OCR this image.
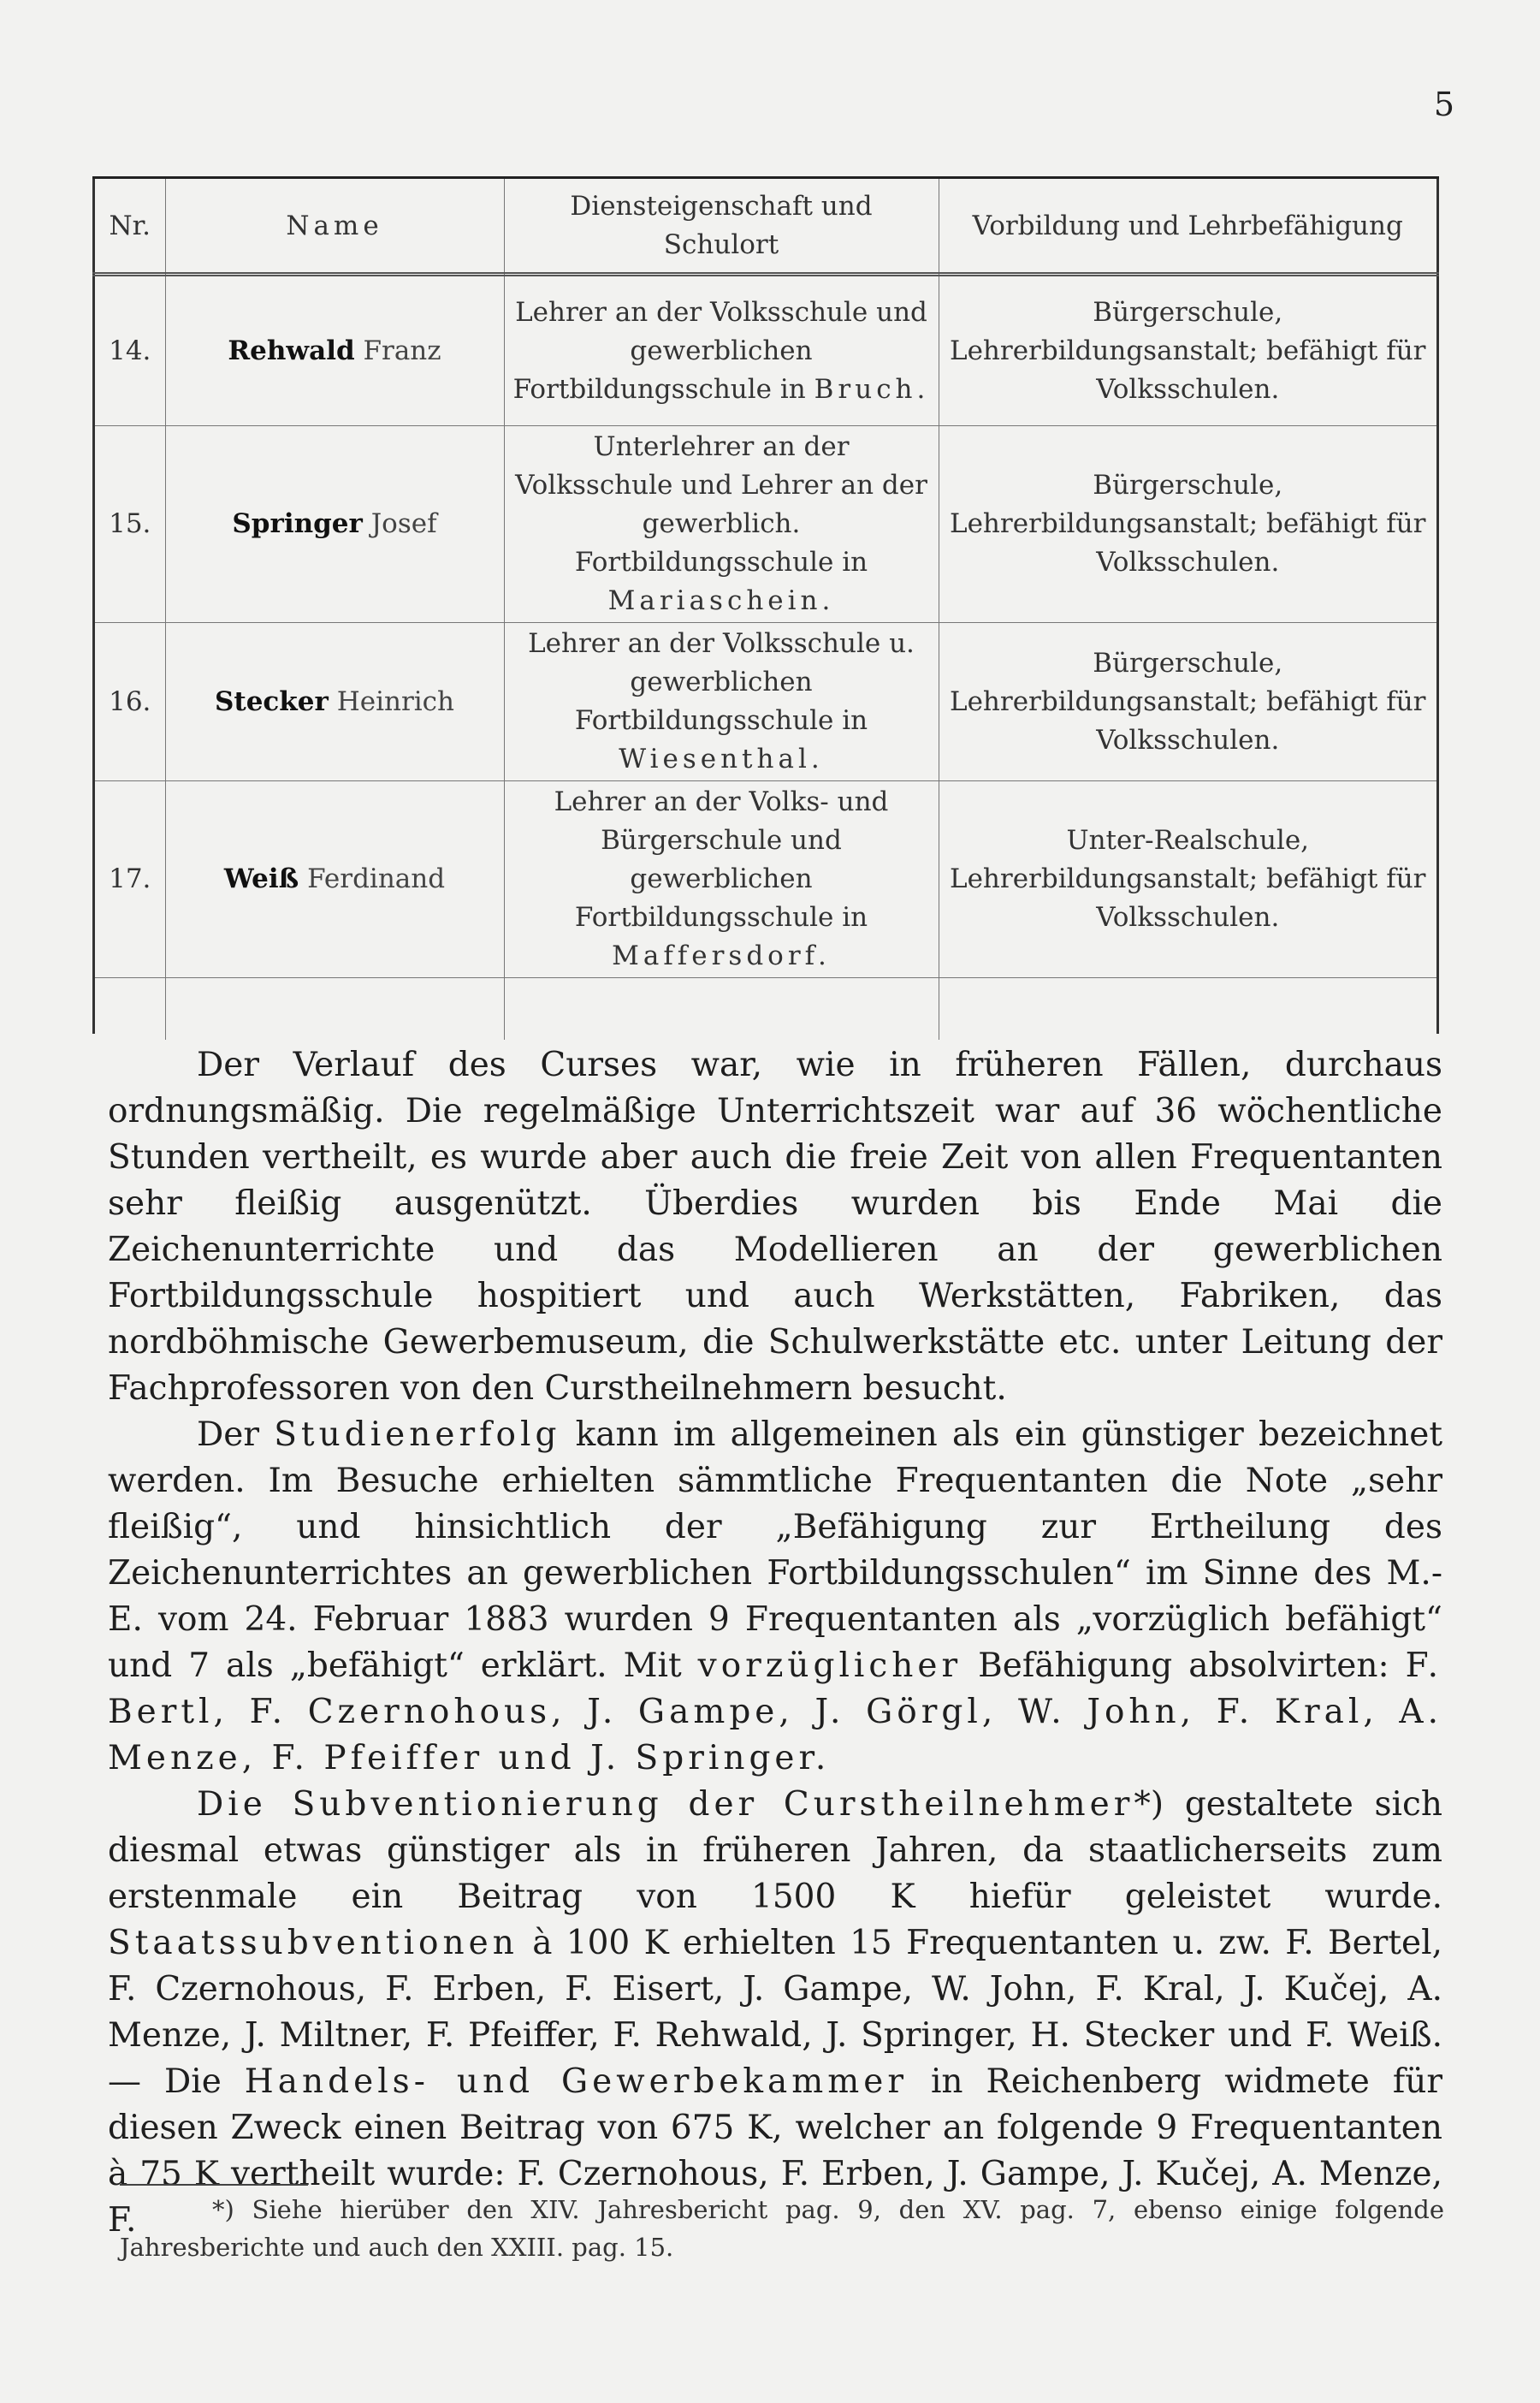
5
Nr.	Name	Diensteigenschaft und Schulort	Vorbildung und Lehrbefähigung
14.	Rehwald Franz	Lehrer an der Volksschule und gewerblichen Fortbildungsschule in Bruch.	Bürgerschule, Lehrerbildungsanstalt; befähigt für Volksschulen.
15.	Springer Josef	Unterlehrer an der Volksschule und Lehrer an der gewerblich. Fortbildungsschule in Mariaschein.	Bürgerschule, Lehrerbildungsanstalt; befähigt für Volksschulen.
16.	Stecker Heinrich	Lehrer an der Volksschule u. gewerblichen Fortbildungsschule in Wiesenthal.	Bürgerschule, Lehrerbildungsanstalt; befähigt für Volksschulen.
17.	Weiß Ferdinand	Lehrer an der Volks- und Bürgerschule und gewerblichen Fortbildungsschule in Maffersdorf.	Unter-Realschule, Lehrerbildungsanstalt; befähigt für Volksschulen.

Der Verlauf des Curses war, wie in früheren Fällen, durchaus ordnungsmäßig. Die regelmäßige Unterrichtszeit war auf 36 wöchentliche Stunden vertheilt, es wurde aber auch die freie Zeit von allen Frequentanten sehr fleißig ausgenützt. Überdies wurden bis Ende Mai die Zeichenunterrichte und das Modellieren an der gewerblichen Fortbildungsschule hospitiert und auch Werkstätten, Fabriken, das nordböhmische Gewerbemuseum, die Schulwerkstätte etc. unter Leitung der Fachprofessoren von den Curstheilnehmern besucht.

Der Studienerfolg kann im allgemeinen als ein günstiger bezeichnet werden. Im Besuche erhielten sämmtliche Frequentanten die Note „sehr fleißig“, und hinsichtlich der „Befähigung zur Ertheilung des Zeichenunterrichtes an gewerblichen Fortbildungsschulen“ im Sinne des M.-E. vom 24. Februar 1883 wurden 9 Frequentanten als „vorzüglich befähigt“ und 7 als „befähigt“ erklärt. Mit vorzüglicher Befähigung absolvirten: F. Bertl, F. Czernohous, J. Gampe, J. Görgl, W. John, F. Kral, A. Menze, F. Pfeiffer und J. Springer.

Die Subventionierung der Curstheilnehmer*) gestaltete sich diesmal etwas günstiger als in früheren Jahren, da staatlicherseits zum erstenmale ein Beitrag von 1500 K hiefür geleistet wurde. Staatssubventionen à 100 K erhielten 15 Frequentanten u. zw. F. Bertel, F. Czernohous, F. Erben, F. Eisert, J. Gampe, W. John, F. Kral, J. Kučej, A. Menze, J. Miltner, F. Pfeiffer, F. Rehwald, J. Springer, H. Stecker und F. Weiß. — Die Handels- und Gewerbekammer in Reichenberg widmete für diesen Zweck einen Beitrag von 675 K, welcher an folgende 9 Frequentanten à 75 K vertheilt wurde: F. Czernohous, F. Erben, J. Gampe, J. Kučej, A. Menze, F.	*) Siehe hierüber den XIV. Jahresbericht pag. 9, den XV. pag. 7, ebenso einige folgende Jahresberichte und auch den XXIII. pag. 15.
